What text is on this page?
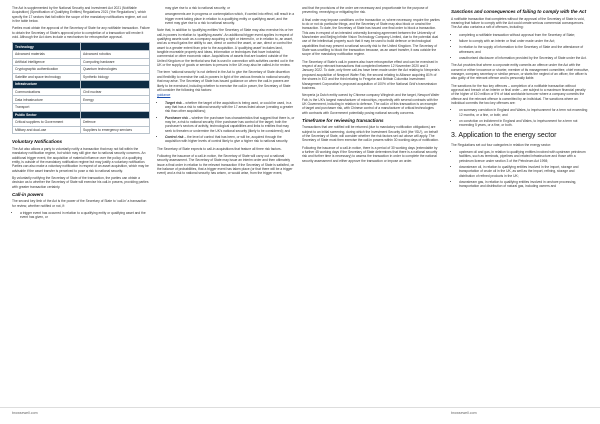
The Act is supplemented by the National Security and Investment Act 2021 (Notifiable Acquisition) (Specification of Qualifying Entities) Regulations 2021 (‘the Regulations’), which specify the 17 sectors that fall within the scope of the mandatory notifications regime, set out in the table below.

Parties must obtain the approval of the Secretary of State for any notifiable transaction. Failure to obtain the Secretary of State’s approval prior to completion of a transaction will render it void. Although the Act does include a mechanism for retrospective approval.

Technology	
Advanced materials	Advanced robotics
Artificial intelligence	Computing hardware
Cryptographic authentication	Quantum technologies
Satellite and space technology	Synthetic biology
Infrastructure	
Communications	Civil nuclear
Data infrastructure	Energy
Transport	
Public Sector	
Critical suppliers to Government	Defence
Military and dual-use	Suppliers to emergency services
Voluntary Notifications

The Act also allows a party to voluntarily notify a transaction that may not fall within the mandatory notification regime, but which may still give rise to national security concerns. An additional trigger event, the acquisition of material influence over the policy of a qualifying entity, is outside of the mandatory notification regime but may justify a voluntary notification. Parties can also make a voluntary notification in respect of an asset acquisition, which may be advisable if the asset transfer is perceived to pose a risk to national security.

By voluntarily notifying the Secretary of State of the transaction, the parties can obtain a decision as to whether the Secretary of State will exercise his call-in powers, providing parties with greater transaction certainty.

Call-in powers

The second key limb of the Act is the power of the Secretary of State to ‘call-in’ a transaction for review, whether notified or not, if:

• a trigger event has occurred in relation to a qualifying entity or qualifying asset and the event has given, or
may give rise to a risk to national security; or
arrangements are in progress or contemplation which, if carried into effect, will result in a trigger event taking place in relation to a qualifying entity or qualifying asset, and the event may give rise to a risk to national security.

Note that, in addition to ‘qualifying entities’ the Secretary of State may also exercise his or her call-in powers in relation to ‘qualifying assets’. An additional trigger event applies in respect of qualifying assets such as a company acquiring a right or interest in, or in relation to, an asset, and as a result gains the ability to use, direct or control the asset, or use, direct or control the asset to a greater extent than prior to the acquisition. A ‘qualifying asset’ includes land, tangible moveable property and ideas, information or techniques that have industrial, commercial or other economic value. Acquisitions of assets that are located outside of the United Kingdom or the territorial sea that is used in connection with activities carried out in the UK or the supply of goods or services to persons in the UK may also be called-in for review.

The term ‘national security’ is not defined in the Act to give the Secretary of State discretion and flexibility to exercise the call-in powers in light of the various threats to national security that may arise. The Secretary of State has issued guidance on when the call-in powers are likely to be exercised, including whether to exercise the call-in power, the Secretary of State will consider the following risk factors:

guidance

• Target risk – whether the target of the acquisition is being used, or could be used, in a way that has a risk to national security with the 17 areas listed above (creating a greater risk than other acquisitions);
• Purchaser risk – whether the purchaser has characteristics that suggest that there is, or may be, a risk to national security if the purchaser has control of the target; both the purchaser’s sectors of activity, technological capabilities and links to entities that may seek to threaten or undermine the UK’s national security (likely to be considered); and
• Control risk – the level of control that has been, or will be, acquired through the acquisition with higher levels of control likely to give a higher risk to national security.

The Secretary of State expects to call-in acquisitions that feature all three risk factors.

Following the issuance of a call-in notice, the Secretary of State will carry out a national security assessment. The Secretary of State may issue an interim order and then ultimately issue a final order in relation to the relevant transaction if the Secretary of State is satisfied, on the balance of probabilities, that a trigger event has taken place (or that there will be a trigger event) and a risk to national security has arisen, or would arise, from the trigger event,

and that the provisions of the order are necessary and proportionate for the purpose of preventing, remedying or mitigating the risk.

A final order may impose conditions on the transaction or, where necessary, require the parties to do or not do particular things, and the Secretary of State may also block or unwind the transaction. To date, the Secretary of State has issued one final order to block a transaction. This was in respect of an intended university licensing agreement between the University of Manchester and Beijing Infinite Vision Technology Company Limited, due to the potential dual use of the intellectual property such that it may be used to build defence or technological capabilities that may present a national security risk to the United Kingdom. The Secretary of State was unwilling to block the transaction because, as an asset transfer, it was outside the scope of the mandatory notification regime.

The Secretary of State’s call-in powers also have retrospective effect and can be exercised in respect of any relevant transactions that completed between 12 November 2020 and 3 January 2022. To date, only three call-ins have been made under the Act relating to Nexperia’s proposed acquisition of Newport Wafer Fab, the second relating to Alliance acquiring 81% of the shares in ECI and the third relating to Fengzhe and Brittain Columbia Investment Management Corporation’s proposed acquisition of 100% of the National Grid’s transmission business.

Nexperia (a Dutch entity owned by Chinese company Wingtech and the target, Newport Wafer Fab, is the UK’s largest manufacturer of microchips, reportedly with several contracts with the UK Government, including in relation to defence. The call-in of this transaction is an example of target and purchaser risk, with Chinese control of a manufacturer of critical technologies with contracts with Government potentially posing national security concerns.

Timeframe for reviewing transactions

Transactions that are notified will be returned (due to mandatory notification obligations) are subject to an initial screening, during which the Investment Security Unit (the ‘ISU’), on behalf of the Secretary of State, will consider whether the risk factors set out above will apply. The Secretary of State must then exercise the call-in powers within 30 working days of notification.

Following the issuance of a call-in notice, there is a period of 30 working days (extendable by a further 45 working days if the Secretary of State determines that there is a national security risk and further time is necessary) to assess the transaction in order to complete the national security assessment and either approve the transaction or impose an order.

Sanctions and consequences of failing to comply with the Act

A notifiable transaction that completes without the approval of the Secretary of State is void, meaning that failure to comply with the Act could create serious commercial consequences. The Act also contains a raft of offences, including:

• completing a notifiable transaction without approval from the Secretary of State;
• failure to comply with an interim or final order made under the Act;
• in relation to the supply of information to the Secretary of State and the attendance of witnesses; and
• unauthorised disclosure of information provided by the Secretary of State under the Act.

The Act provides that where a corporate entity commits an offence under the Act with the consent or either innocence or shorter, member of its management committee, chief executive, manager, company secretary or similar person, or starts the neglect of an officer, the officer is also guilty of the relevant offence and is personally liable.

The sanctions for the two key offences – completion of a notifiable transaction without approval and breach of an interim or final order – are subject to a maximum financial penalty of the higher of £10 million or 5% of total worldwide turnover where a company commits the offence and the relevant offence is committed by an individual. The sanctions where an individual commits the two key offences are:

• on summary conviction in England and Wales, to imprisonment for a term not exceeding 12 months, or a fine, or both; and
• on conviction on indictment in England and Wales, to imprisonment for a term not exceeding 5 years, or a fine, or both.
3. Application to the energy sector

The Regulations set out four categories in relation the energy sector:

• upstream oil and gas, in relation to qualifying entities involved with upstream petroleum facilities, such as terminals, pipelines and related infrastructure and those with a petroleum licence under section 3 of the Petroleum Act 1998;
• downstream oil, in relation to qualifying entities involved in the import, storage and transportation of crude oil in the UK, as well as the import, refining, storage and distribution of refined products in the UK;
• downstream gas, in relation to qualifying entities involved in onshore processing, transportation and distribution of natural gas, including owners and
browsewell.com	browsewell.com
